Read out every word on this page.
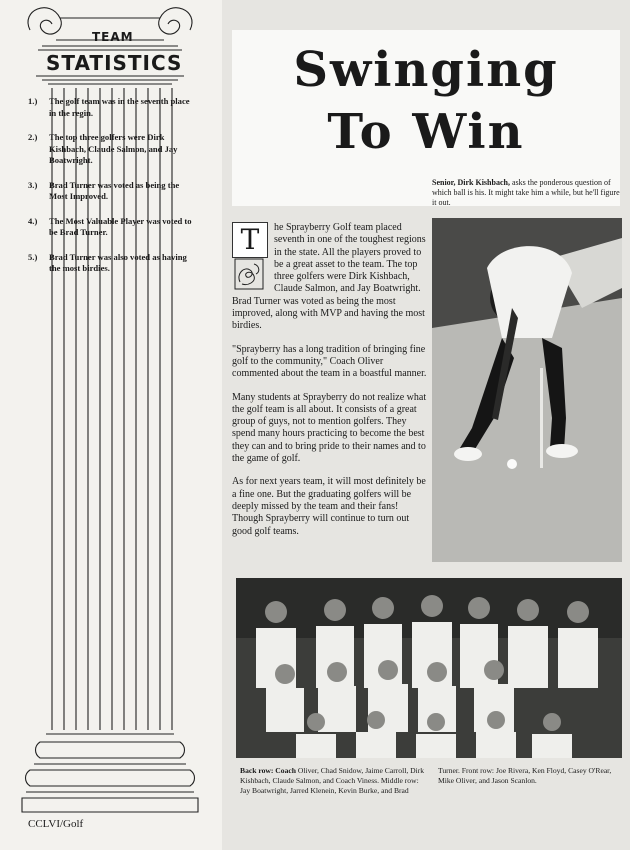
TEAM
STATISTICS
1.) The golf team was in the seventh place in the regin.
2.) The top three golfers were Dirk Kishbach, Claude Salmon, and Jay Boatwright.
3.) Brad Turner was voted as being the Most Improved.
4.) The Most Valuable Player was voted to be Brad Turner.
5.) Brad Turner was also voted as having the most birdies.
CCLVI/Golf
Swinging
To Win
Senior, Dirk Kishbach, asks the ponderous question of which ball is his. It might take him a while, but he'll figure it out.

T	he Sprayberry Golf team placed seventh in one of the toughest regions in the state. All the players proved to be a great asset to the team. The top three golfers were Dirk Kishbach, Claude Salmon, and Jay Boatwright. Brad Turner was voted as being the most improved, along with MVP and having the most birdies.

"Sprayberry has a long tradition of bringing fine golf to the community," Coach Oliver commented about the team in a boastful manner.

Many students at Sprayberry do not realize what the golf team is all about. It consists of a great group of guys, not to mention golfers. They spend many hours practicing to become the best they can and to bring pride to their names and to the game of golf.

As for next years team, it will most definitely be a fine one. But the graduating golfers will be deeply missed by the team and their fans! Though Sprayberry will continue to turn out good golf teams.

Back row: Coach Oliver, Chad Snidow, Jaime Carroll, Dirk Kishbach, Claude Salmon, and Coach Viness. Middle row: Jay Boatwright, Jarred Klenein, Kevin Burke, and Brad Turner. Front row: Joe Rivera, Ken Floyd, Casey O'Rear, Mike Oliver, and Jason Scanlon.
